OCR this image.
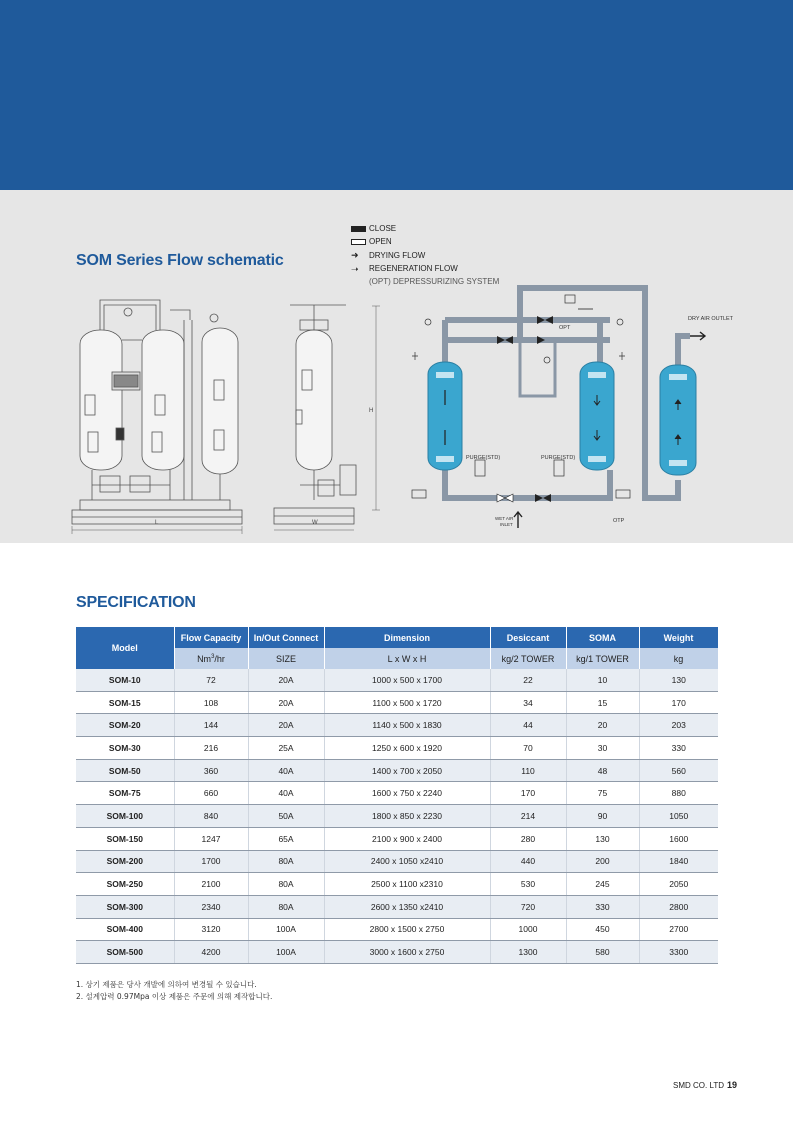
SOM Series Flow schematic
CLOSE
OPEN
➜	DRYING FLOW
➝	REGENERATION FLOW
(OPT) DEPRESSURIZING SYSTEM
L	W
H
OPT
DRY AIR OUTLET
PURGE(STD)	PURGE(STD)
WET AIR
INLET
OTP
SPECIFICATION
Model	Flow Capacity	In/Out Connect	Dimension	Desiccant	SOMA	Weight
	Nm$^3$/hr	SIZE	L x W x H	kg/2 TOWER	kg/1 TOWER	kg
SOM-10	72	20A	1000 x 500 x 1700	22	10	130
SOM-15	108	20A	1100 x 500 x 1720	34	15	170
SOM-20	144	20A	1140 x 500 x 1830	44	20	203
SOM-30	216	25A	1250 x 600 x 1920	70	30	330
SOM-50	360	40A	1400 x 700 x 2050	110	48	560
SOM-75	660	40A	1600 x 750 x 2240	170	75	880
SOM-100	840	50A	1800 x 850 x 2230	214	90	1050
SOM-150	1247	65A	2100 x 900 x 2400	280	130	1600
SOM-200	1700	80A	2400 x 1050 x2410	440	200	1840
SOM-250	2100	80A	2500 x 1100 x2310	530	245	2050
SOM-300	2340	80A	2600 x 1350 x2410	720	330	2800
SOM-400	3120	100A	2800 x 1500 x 2750	1000	450	2700
SOM-500	4200	100A	3000 x 1600 x 2750	1300	580	3300
1. 상기 제품은 당사 개발에 의하여 변경될 수 있습니다.
2. 설계압력 0.97Mpa 이상 제품은 주문에 의해 제작합니다.
SMD CO. LTD 19
